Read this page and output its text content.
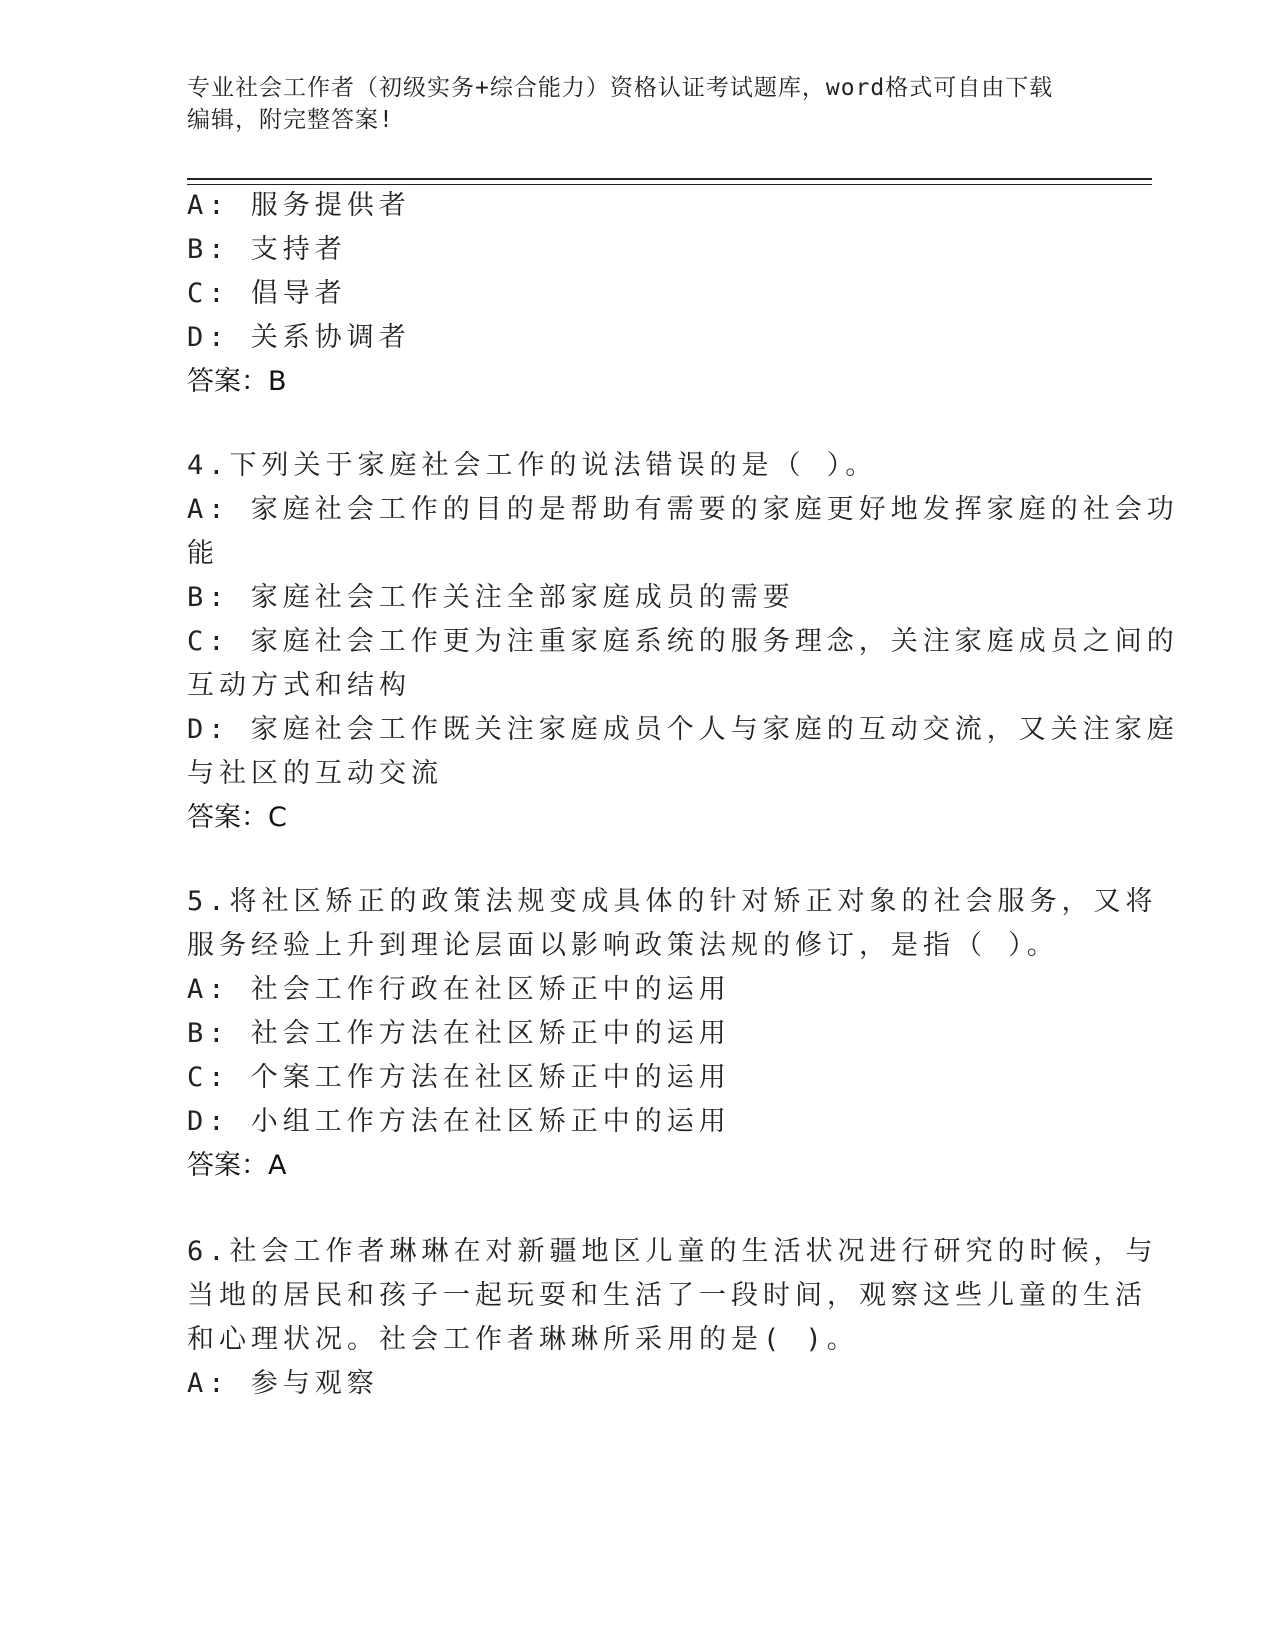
专业社会工作者（初级实务+综合能力）资格认证考试题库，word格式可自由下载
编辑，附完整答案!
A: 服务提供者
B: 支持者
C: 倡导者
D: 关系协调者
答案：B
4.下列关于家庭社会工作的说法错误的是（ ）。
A: 家庭社会工作的目的是帮助有需要的家庭更好地发挥家庭的社会功
能
B: 家庭社会工作关注全部家庭成员的需要
C: 家庭社会工作更为注重家庭系统的服务理念，关注家庭成员之间的
互动方式和结构
D: 家庭社会工作既关注家庭成员个人与家庭的互动交流，又关注家庭
与社区的互动交流
答案：C
5.将社区矫正的政策法规变成具体的针对矫正对象的社会服务，又将
服务经验上升到理论层面以影响政策法规的修订，是指（ ）。
A: 社会工作行政在社区矫正中的运用
B: 社会工作方法在社区矫正中的运用
C: 个案工作方法在社区矫正中的运用
D: 小组工作方法在社区矫正中的运用
答案：A
6.社会工作者琳琳在对新疆地区儿童的生活状况进行研究的时候，与
当地的居民和孩子一起玩耍和生活了一段时间，观察这些儿童的生活
和心理状况。社会工作者琳琳所采用的是( )。
A: 参与观察
